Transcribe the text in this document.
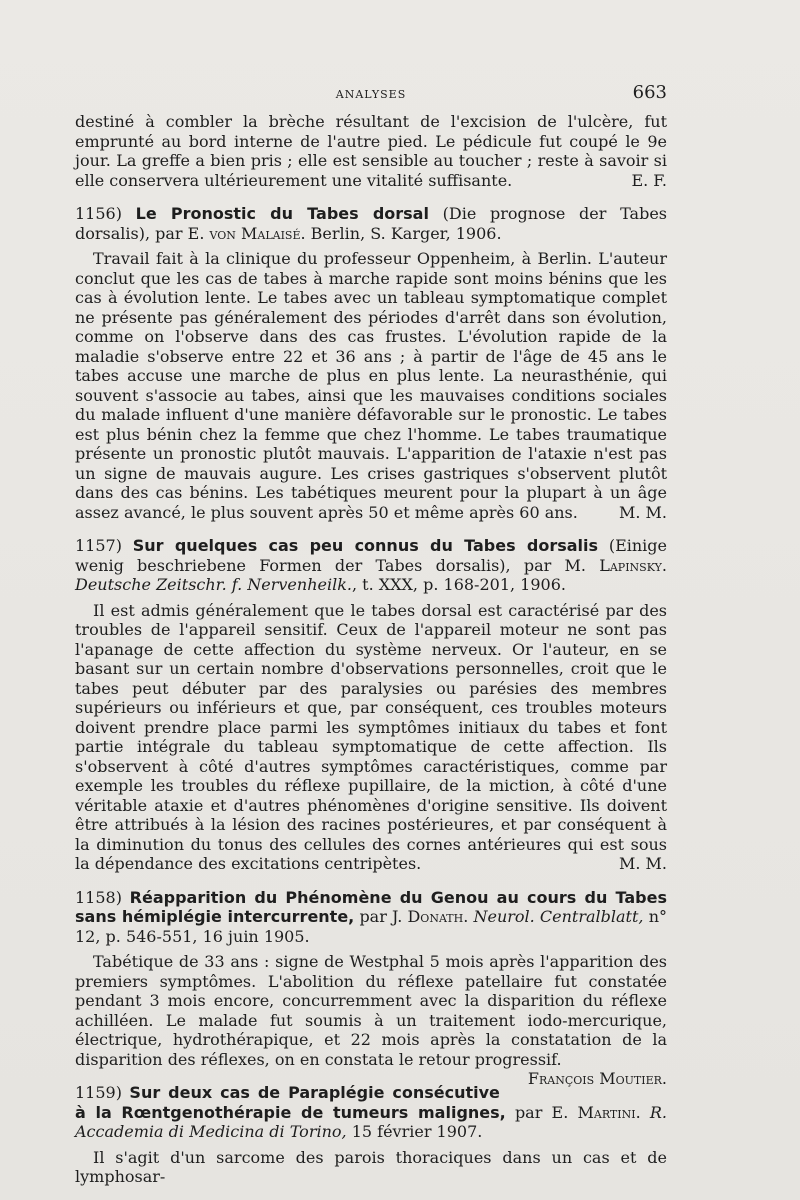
ANALYSES	663

destiné à combler la brèche résultant de l'excision de l'ulcère, fut emprunté au bord interne de l'autre pied. Le pédicule fut coupé le 9e jour. La greffe a bien pris ; elle est sensible au toucher ; reste à savoir si elle conservera ultérieurement une vitalité suffisante.	E. F.

1156) Le Pronostic du Tabes dorsal (Die prognose der Tabes dorsalis), par E. von Malaisé. Berlin, S. Karger, 1906.

Travail fait à la clinique du professeur Oppenheim, à Berlin. L'auteur conclut que les cas de tabes à marche rapide sont moins bénins que les cas à évolution lente. Le tabes avec un tableau symptomatique complet ne présente pas généralement des périodes d'arrêt dans son évolution, comme on l'observe dans des cas frustes. L'évolution rapide de la maladie s'observe entre 22 et 36 ans ; à partir de l'âge de 45 ans le tabes accuse une marche de plus en plus lente. La neurasthénie, qui souvent s'associe au tabes, ainsi que les mauvaises conditions sociales du malade influent d'une manière défavorable sur le pronostic. Le tabes est plus bénin chez la femme que chez l'homme. Le tabes traumatique présente un pronostic plutôt mauvais. L'apparition de l'ataxie n'est pas un signe de mauvais augure. Les crises gastriques s'observent plutôt dans des cas bénins. Les tabétiques meurent pour la plupart à un âge assez avancé, le plus souvent après 50 et même après 60 ans.	M. M.

1157) Sur quelques cas peu connus du Tabes dorsalis (Einige wenig beschriebene Formen der Tabes dorsalis), par M. Lapinsky. Deutsche Zeitschr. f. Nervenheilk., t. XXX, p. 168-201, 1906.

Il est admis généralement que le tabes dorsal est caractérisé par des troubles de l'appareil sensitif. Ceux de l'appareil moteur ne sont pas l'apanage de cette affection du système nerveux. Or l'auteur, en se basant sur un certain nombre d'observations personnelles, croit que le tabes peut débuter par des paralysies ou parésies des membres supérieurs ou inférieurs et que, par conséquent, ces troubles moteurs doivent prendre place parmi les symptômes initiaux du tabes et font partie intégrale du tableau symptomatique de cette affection. Ils s'observent à côté d'autres symptômes caractéristiques, comme par exemple les troubles du réflexe pupillaire, de la miction, à côté d'une véritable ataxie et d'autres phénomènes d'origine sensitive. Ils doivent être attribués à la lésion des racines postérieures, et par conséquent à la diminution du tonus des cellules des cornes antérieures qui est sous la dépendance des excitations centripètes.	M. M.

1158) Réapparition du Phénomène du Genou au cours du Tabes sans hémiplégie intercurrente, par J. Donath. Neurol. Centralblatt, n° 12, p. 546-551, 16 juin 1905.

Tabétique de 33 ans : signe de Westphal 5 mois après l'apparition des premiers symptômes. L'abolition du réflexe patellaire fut constatée pendant 3 mois encore, concurremment avec la disparition du réflexe achilléen. Le malade fut soumis à un traitement iodo-mercurique, électrique, hydrothérapique, et 22 mois après la constatation de la disparition des réflexes, on en constata le retour progressif.
François Moutier.

1159) Sur deux cas de Paraplégie consécutive à la Rœntgenothérapie de tumeurs malignes, par E. Martini. R. Accademia di Medicina di Torino, 15 février 1907.

Il s'agit d'un sarcome des parois thoraciques dans un cas et de lymphosar-
